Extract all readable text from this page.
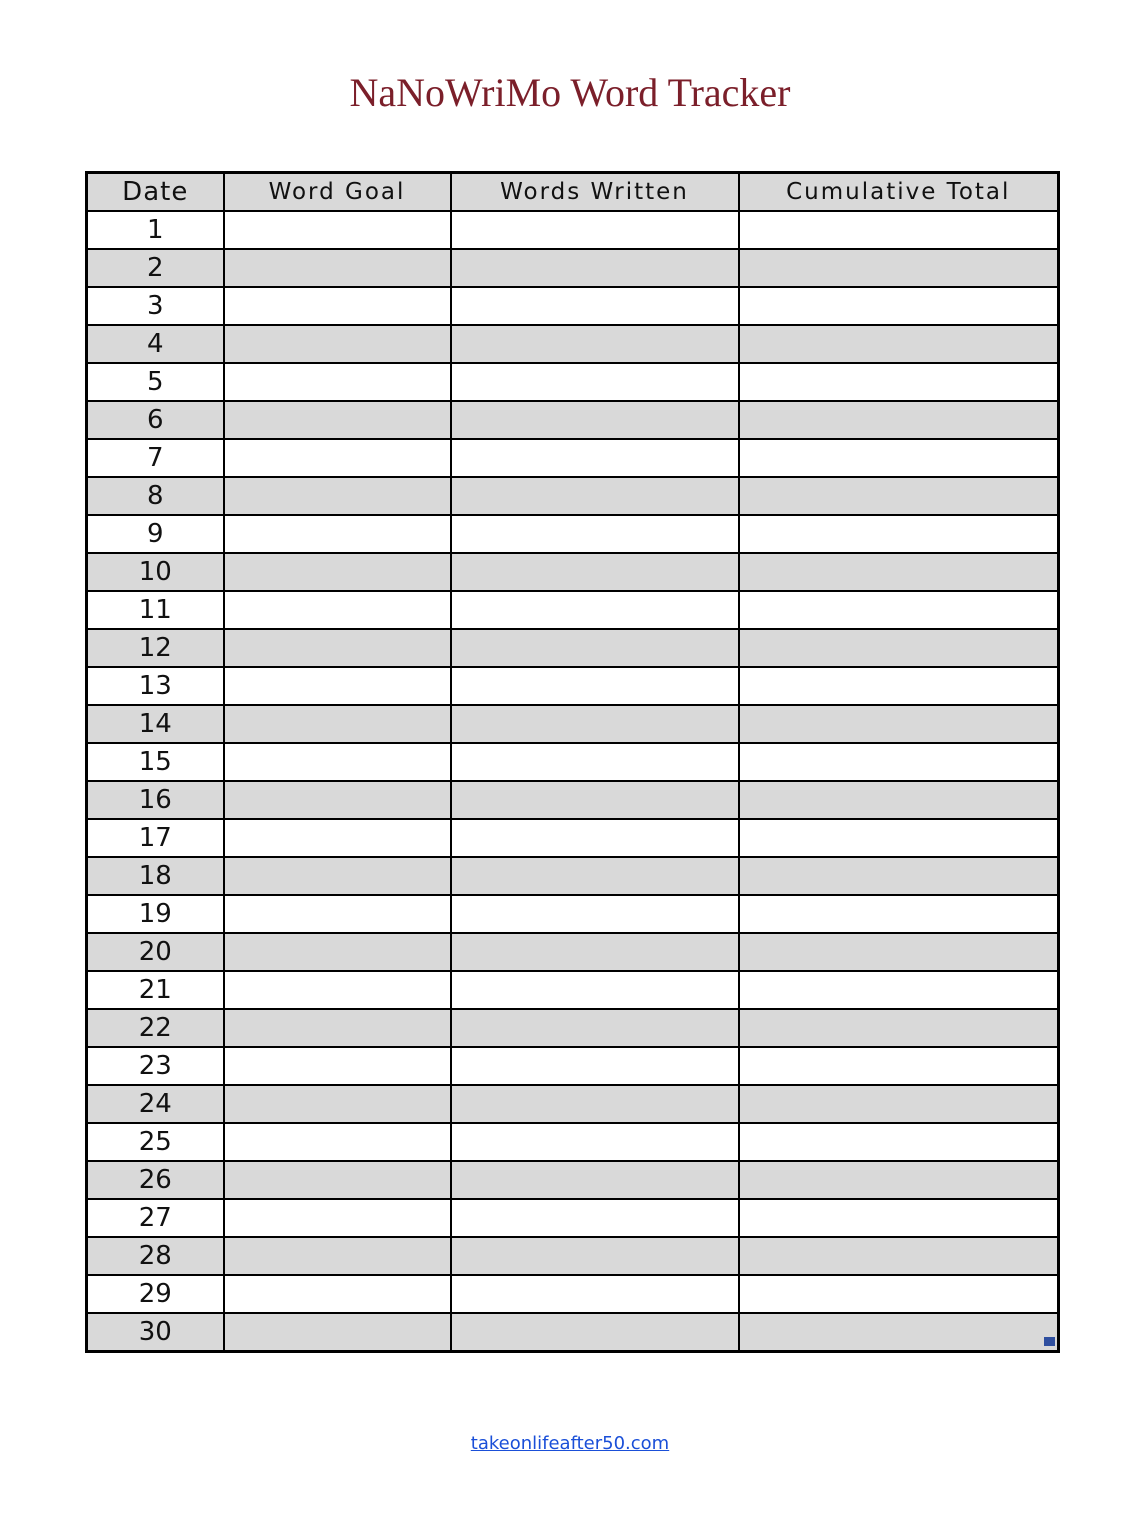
NaNoWriMo Word Tracker
Date	Word Goal	Words Written	Cumulative Total
1			
2			
3			
4			
5			
6			
7			
8			
9			
10			
11			
12			
13			
14			
15			
16			
17			
18			
19			
20			
21			
22			
23			
24			
25			
26			
27			
28			
29			
30			
takeonlifeafter50.com
